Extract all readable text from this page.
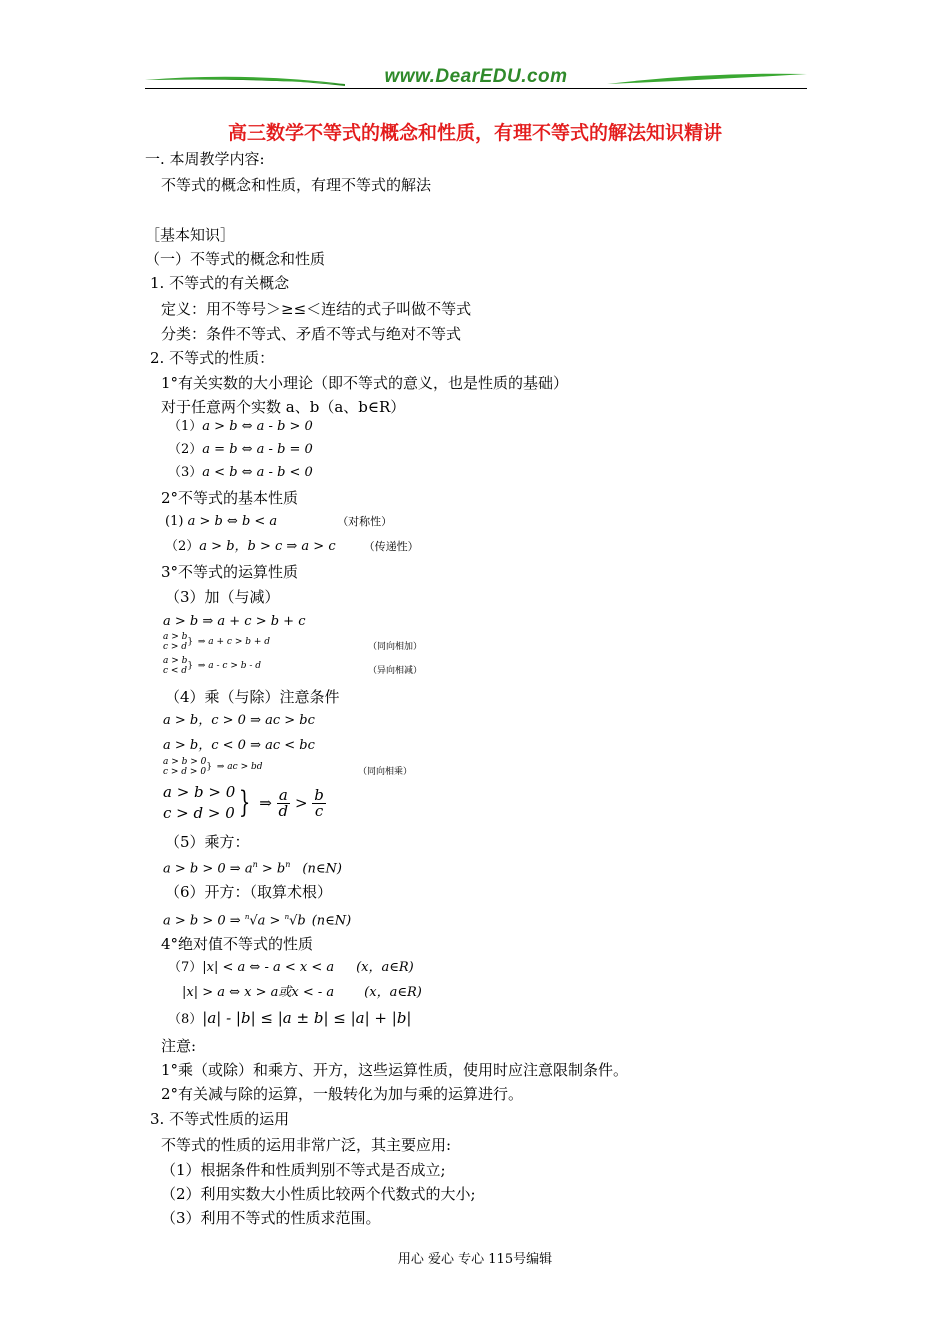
www.DearEDU.com
高三数学不等式的概念和性质，有理不等式的解法知识精讲
一. 本周教学内容:
不等式的概念和性质，有理不等式的解法
［基本知识］
（一）不等式的概念和性质
1. 不等式的有关概念
定义：用不等号＞≥≤＜连结的式子叫做不等式
分类：条件不等式、矛盾不等式与绝对不等式
2. 不等式的性质：
1°有关实数的大小理论（即不等式的意义，也是性质的基础）
对于任意两个实数 a、b（a、b∈R）
（1）a > b ⇔ a - b > 0
（2）a = b ⇔ a - b = 0
（3）a < b ⇔ a - b < 0
2°不等式的基本性质
(1) a > b ⇔ b < a	（对称性）
（2）a > b，b > c ⇒ a > c	（传递性）
3°不等式的运算性质
（3）加（与减）
a > b ⇒ a + c > b + c
a > b
c > d } ⇒ a + c > b + d	（同向相加）
a > b
c < d } ⇒ a - c > b - d	（异向相减）
（4）乘（与除）注意条件
a > b，c > 0 ⇒ ac > bc
a > b，c < 0 ⇒ ac < bc
a > b > 0
c > d > 0 } ⇒ ac > bd	（同向相乘）
a > b > 0
c > d > 0 } ⇒ $\frac{a}{d} > \frac{b}{c}$
（5）乘方：
a > b > 0 ⇒ $a^n > b^n$ (n∈N)
（6）开方：（取算术根）
a > b > 0 ⇒ $^n$√a > $^n$√b (n∈N)
4°绝对值不等式的性质
（7）|x| < a ⇔ - a < x < a (x，a∈R)
|x| > a ⇔ x > a或x < - a (x，a∈R)
（8）|a| - |b| ≤ |a ± b| ≤ |a| + |b|
注意:
1°乘（或除）和乘方、开方，这些运算性质，使用时应注意限制条件。
2°有关减与除的运算，一般转化为加与乘的运算进行。
3. 不等式性质的运用
不等式的性质的运用非常广泛，其主要应用:
（1）根据条件和性质判别不等式是否成立;
（2）利用实数大小性质比较两个代数式的大小;
（3）利用不等式的性质求范围。
用心 爱心 专心 115号编辑
